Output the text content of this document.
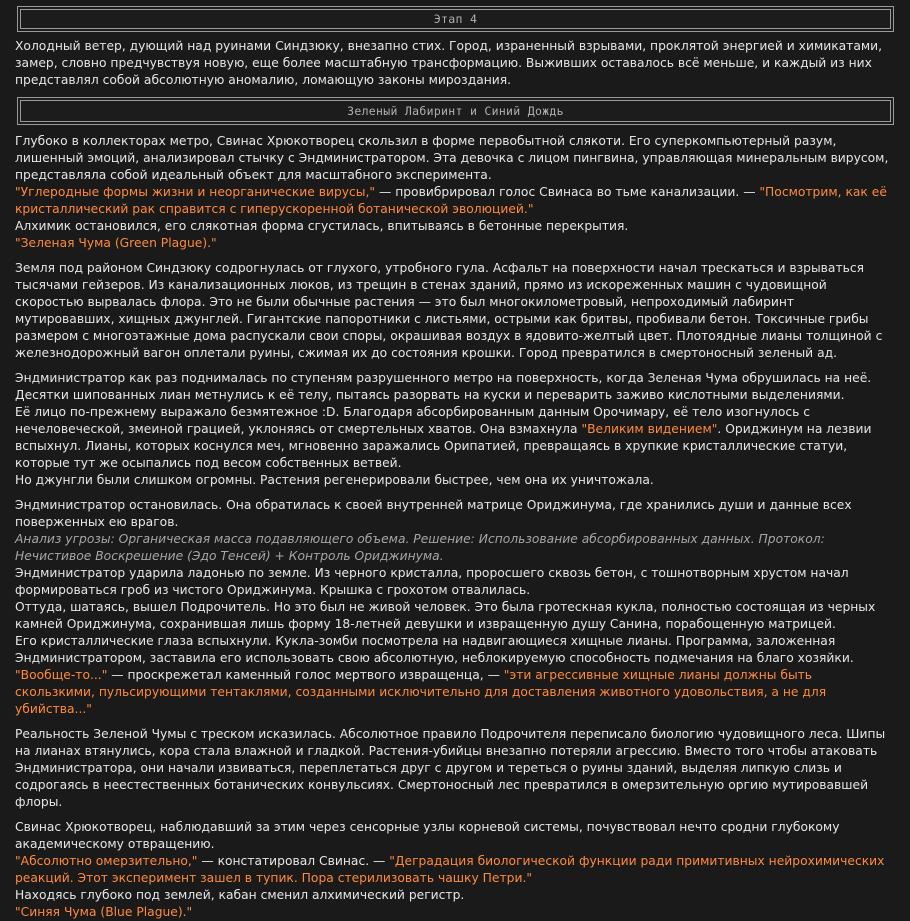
Этап 4

Холодный ветер, дующий над руинами Синдзюку, внезапно стих. Город, израненный взрывами, проклятой энергией и химикатами, замер, словно предчувствуя новую, еще более масштабную трансформацию. Выживших оставалось всё меньше, и каждый из них представлял собой абсолютную аномалию, ломающую законы мироздания.

Зеленый Лабиринт и Синий Дождь

Глубоко в коллекторах метро, Свинас Хрюкотворец скользил в форме первобытной слякоти. Его суперкомпьютерный разум, лишенный эмоций, анализировал стычку с Эндминистратором. Эта девочка с лицом пингвина, управляющая минеральным вирусом, представляла собой идеальный объект для масштабного эксперимента.

"Углеродные формы жизни и неорганические вирусы," — провибрировал голос Свинаса во тьме канализации. — "Посмотрим, как её кристаллический рак справится с гиперускоренной ботанической эволюцией."

Алхимик остановился, его слякотная форма сгустилась, впитываясь в бетонные перекрытия.

"Зеленая Чума (Green Plague)."

Земля под районом Синдзюку содрогнулась от глухого, утробного гула. Асфальт на поверхности начал трескаться и взрываться тысячами гейзеров. Из канализационных люков, из трещин в стенах зданий, прямо из искореженных машин с чудовищной скоростью вырвалась флора. Это не были обычные растения — это был многокилометровый, непроходимый лабиринт мутировавших, хищных джунглей. Гигантские папоротники с листьями, острыми как бритвы, пробивали бетон. Токсичные грибы размером с многоэтажные дома распускали свои споры, окрашивая воздух в ядовито-желтый цвет. Плотоядные лианы толщиной с железнодорожный вагон оплетали руины, сжимая их до состояния крошки. Город превратился в смертоносный зеленый ад.

Эндминистратор как раз поднималась по ступеням разрушенного метро на поверхность, когда Зеленая Чума обрушилась на неё. Десятки шипованных лиан метнулись к её телу, пытаясь разорвать на куски и переварить заживо кислотными выделениями.

Её лицо по-прежнему выражало безмятежное :D. Благодаря абсорбированным данным Орочимару, её тело изогнулось с нечеловеческой, змеиной грацией, уклоняясь от смертельных хватов. Она взмахнула "Великим видением". Ориджинум на лезвии вспыхнул. Лианы, которых коснулся меч, мгновенно заражались Орипатией, превращаясь в хрупкие кристаллические статуи, которые тут же осыпались под весом собственных ветвей.

Но джунгли были слишком огромны. Растения регенерировали быстрее, чем она их уничтожала.

Эндминистратор остановилась. Она обратилась к своей внутренней матрице Ориджинума, где хранились души и данные всех поверженных ею врагов.

Анализ угрозы: Органическая масса подавляющего объема. Решение: Использование абсорбированных данных. Протокол: Нечистивое Воскрешение (Эдо Тенсей) + Контроль Ориджинума.

Эндминистратор ударила ладонью по земле. Из черного кристалла, проросшего сквозь бетон, с тошнотворным хрустом начал формироваться гроб из чистого Ориджинума. Крышка с грохотом отвалилась.

Оттуда, шатаясь, вышел Подрочитель. Но это был не живой человек. Это была гротескная кукла, полностью состоящая из черных камней Ориджинума, сохранившая лишь форму 18-летней девушки и извращенную душу Санина, порабощенную матрицей.

Его кристаллические глаза вспыхнули. Кукла-зомби посмотрела на надвигающиеся хищные лианы. Программа, заложенная Эндминистратором, заставила его использовать свою абсолютную, неблокируемую способность подмечания на благо хозяйки.

"Вообще-то..." — проскрежетал каменный голос мертвого извращенца, — "эти агрессивные хищные лианы должны быть скользкими, пульсирующими тентаклями, созданными исключительно для доставления животного удовольствия, а не для убийства..."

Реальность Зеленой Чумы с треском исказилась. Абсолютное правило Подрочителя переписало биологию чудовищного леса. Шипы на лианах втянулись, кора стала влажной и гладкой. Растения-убийцы внезапно потеряли агрессию. Вместо того чтобы атаковать Эндминистратора, они начали извиваться, переплетаться друг с другом и тереться о руины зданий, выделяя липкую слизь и содрогаясь в неестественных ботанических конвульсиях. Смертоносный лес превратился в омерзительную оргию мутировавшей флоры.

Свинас Хрюкотворец, наблюдавший за этим через сенсорные узлы корневой системы, почувствовал нечто сродни глубокому академическому отвращению.

"Абсолютно омерзительно," — констатировал Свинас. — "Деградация биологической функции ради примитивных нейрохимических реакций. Этот эксперимент зашел в тупик. Пора стерилизовать чашку Петри."

Находясь глубоко под землей, кабан сменил алхимический регистр.

"Синяя Чума (Blue Plague)."
